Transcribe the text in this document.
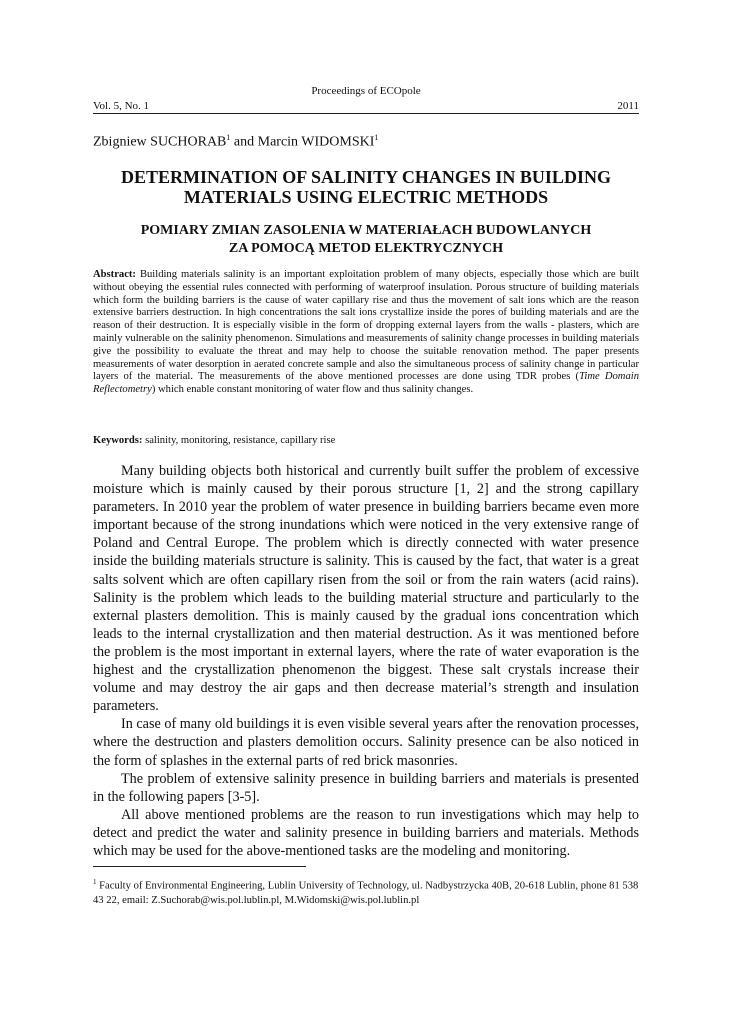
Proceedings of ECOpole
Vol. 5, No. 1	2011
Zbigniew SUCHORAB$^1$ and Marcin WIDOMSKI$^1$
DETERMINATION OF SALINITY CHANGES IN BUILDING
MATERIALS USING ELECTRIC METHODS
POMIARY ZMIAN ZASOLENIA W MATERIAŁACH BUDOWLANYCH
ZA POMOCĄ METOD ELEKTRYCZNYCH
Abstract: Building materials salinity is an important exploitation problem of many objects, especially those which are built without obeying the essential rules connected with performing of waterproof insulation. Porous structure of building materials which form the building barriers is the cause of water capillary rise and thus the movement of salt ions which are the reason extensive barriers destruction. In high concentrations the salt ions crystallize inside the pores of building materials and are the reason of their destruction. It is especially visible in the form of dropping external layers from the walls - plasters, which are mainly vulnerable on the salinity phenomenon. Simulations and measurements of salinity change processes in building materials give the possibility to evaluate the threat and may help to choose the suitable renovation method. The paper presents measurements of water desorption in aerated concrete sample and also the simultaneous process of salinity change in particular layers of the material. The measurements of the above mentioned processes are done using TDR probes (Time Domain Reflectometry) which enable constant monitoring of water flow and thus salinity changes.
Keywords: salinity, monitoring, resistance, capillary rise

Many building objects both historical and currently built suffer the problem of excessive moisture which is mainly caused by their porous structure [1, 2] and the strong capillary parameters. In 2010 year the problem of water presence in building barriers became even more important because of the strong inundations which were noticed in the very extensive range of Poland and Central Europe. The problem which is directly connected with water presence inside the building materials structure is salinity. This is caused by the fact, that water is a great salts solvent which are often capillary risen from the soil or from the rain waters (acid rains). Salinity is the problem which leads to the building material structure and particularly to the external plasters demolition. This is mainly caused by the gradual ions concentration which leads to the internal crystallization and then material destruction. As it was mentioned before the problem is the most important in external layers, where the rate of water evaporation is the highest and the crystallization phenomenon the biggest. These salt crystals increase their volume and may destroy the air gaps and then decrease material’s strength and insulation parameters.

In case of many old buildings it is even visible several years after the renovation processes, where the destruction and plasters demolition occurs. Salinity presence can be also noticed in the form of splashes in the external parts of red brick masonries.

The problem of extensive salinity presence in building barriers and materials is presented in the following papers [3-5].

All above mentioned problems are the reason to run investigations which may help to detect and predict the water and salinity presence in building barriers and materials. Methods which may be used for the above-mentioned tasks are the modeling and monitoring.

$^1$ Faculty of Environmental Engineering, Lublin University of Technology, ul. Nadbystrzycka 40B, 20-618 Lublin, phone 81 538 43 22, email: Z.Suchorab@wis.pol.lublin.pl, M.Widomski@wis.pol.lublin.pl
